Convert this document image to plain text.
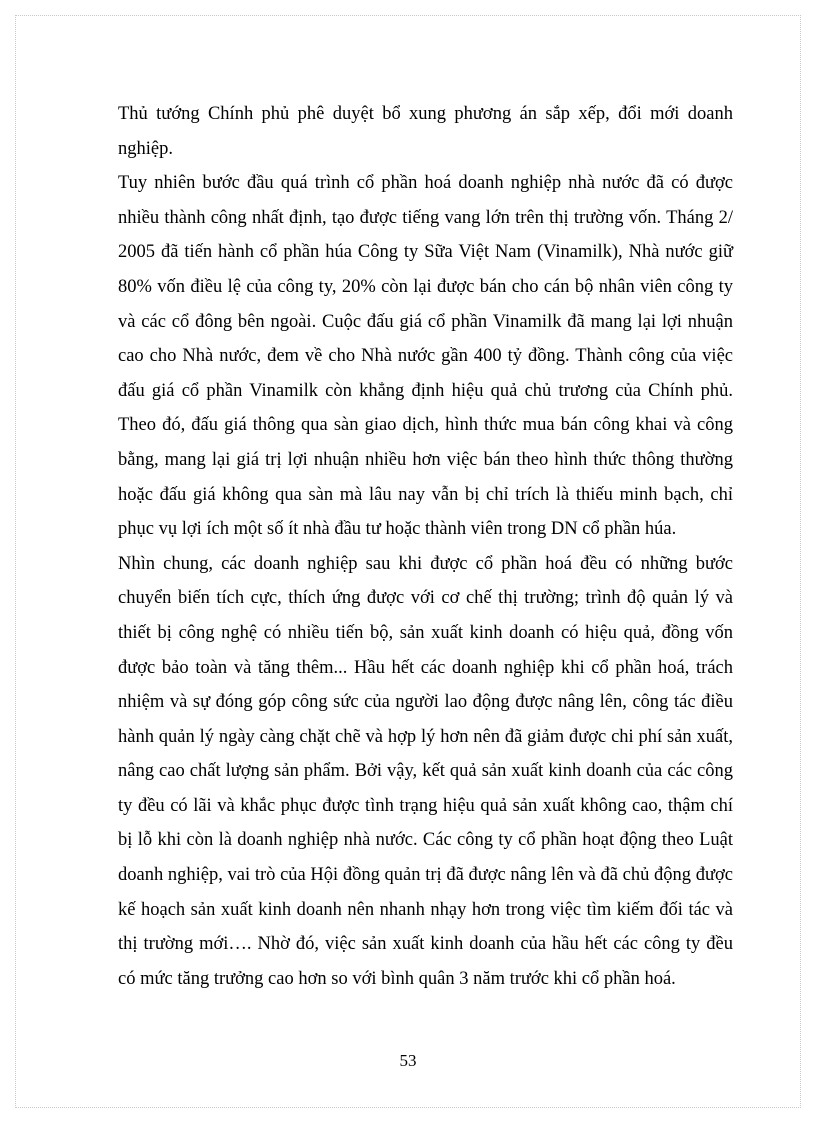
Thủ tướng Chính phủ phê duyệt bổ xung phương án sắp xếp, đổi mới doanh nghiệp.

Tuy nhiên bước đầu quá trình cổ phần hoá doanh nghiệp nhà nước đã có được nhiều thành công nhất định, tạo được tiếng vang lớn trên thị trường vốn. Tháng 2/ 2005 đã tiến hành cổ phần húa Công ty Sữa Việt Nam (Vinamilk), Nhà nước giữ 80% vốn điều lệ của công ty, 20% còn lại được bán cho cán bộ nhân viên công ty và các cổ đông bên ngoài. Cuộc đấu giá cổ phần Vinamilk đã mang lại lợi nhuận cao cho Nhà nước, đem về cho Nhà nước gần 400 tỷ đồng. Thành công của việc đấu giá cổ phần Vinamilk còn khẳng định hiệu quả chủ trương của Chính phủ. Theo đó, đấu giá thông qua sàn giao dịch, hình thức mua bán công khai và công bằng, mang lại giá trị lợi nhuận nhiều hơn việc bán theo hình thức thông thường hoặc đấu giá không qua sàn mà lâu nay vẫn bị chỉ trích là thiếu minh bạch, chỉ phục vụ lợi ích một số ít nhà đầu tư hoặc thành viên trong DN cổ phần húa.

Nhìn chung, các doanh nghiệp sau khi được cổ phần hoá đều có những bước chuyển biến tích cực, thích ứng được với cơ chế thị trường; trình độ quản lý và thiết bị công nghệ có nhiều tiến bộ, sản xuất kinh doanh có hiệu quả, đồng vốn được bảo toàn và tăng thêm... Hầu hết các doanh nghiệp khi cổ phần hoá, trách nhiệm và sự đóng góp công sức của người lao động được nâng lên, công tác điều hành quản lý ngày càng chặt chẽ và hợp lý hơn nên đã giảm được chi phí sản xuất, nâng cao chất lượng sản phẩm. Bởi vậy, kết quả sản xuất kinh doanh của các công ty đều có lãi và khắc phục được tình trạng hiệu quả sản xuất không cao, thậm chí bị lỗ khi còn là doanh nghiệp nhà nước. Các công ty cổ phần hoạt động theo Luật doanh nghiệp, vai trò của Hội đồng quản trị đã được nâng lên và đã chủ động được kế hoạch sản xuất kinh doanh nên nhanh nhạy hơn trong việc tìm kiếm đối tác và thị trường mới…. Nhờ đó, việc sản xuất kinh doanh của hầu hết các công ty đều có mức tăng trưởng cao hơn so với bình quân 3 năm trước khi cổ phần hoá.

53
